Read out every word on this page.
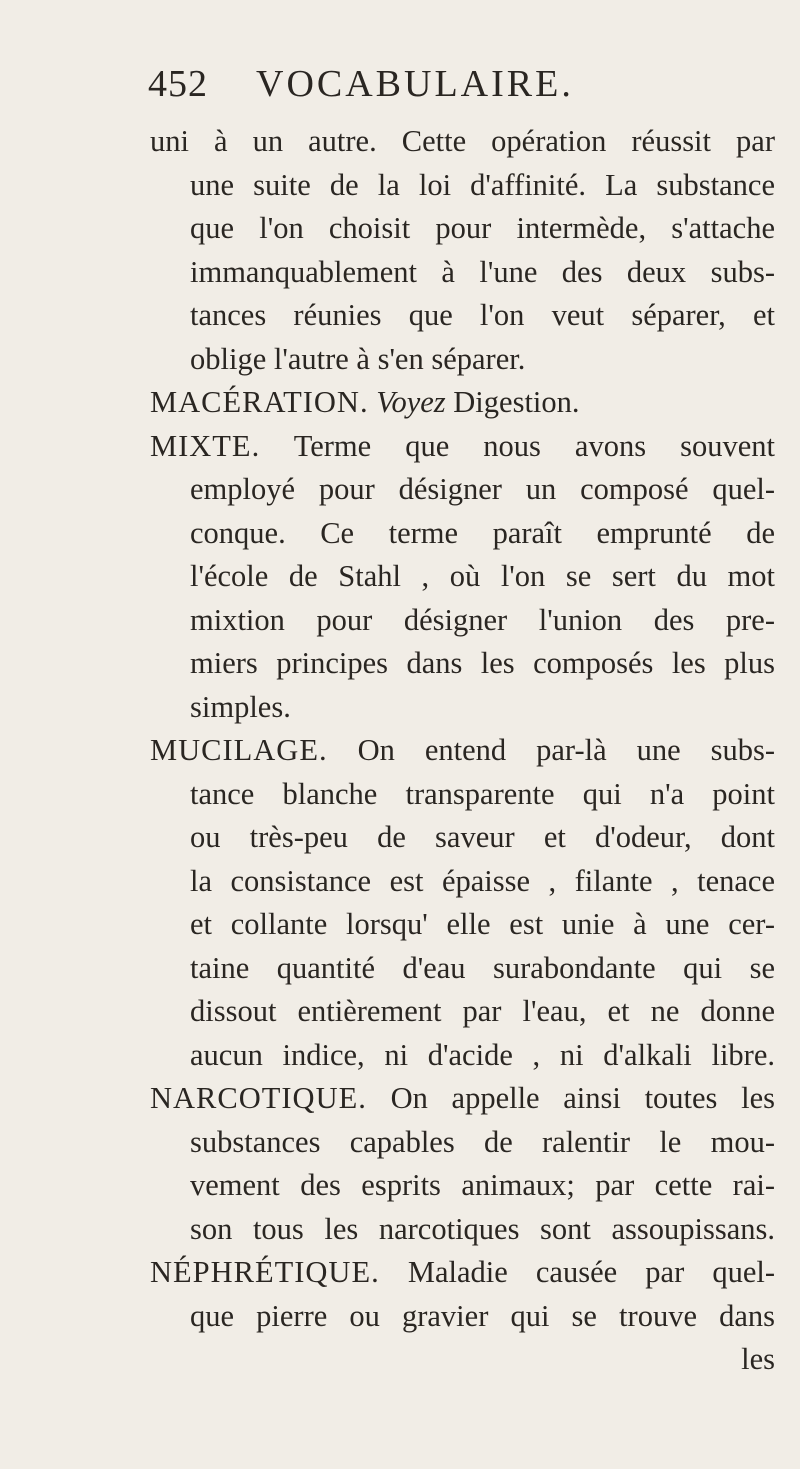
452 VOCABULAIRE.
uni à un autre. Cette opération réussit par
une suite de la loi d'affinité. La substance
que l'on choisit pour intermède, s'attache
immanquablement à l'une des deux subs-
tances réunies que l'on veut séparer, et
oblige l'autre à s'en séparer.
MACÉRATION. Voyez Digestion.
MIXTE. Terme que nous avons souvent
employé pour désigner un composé quel-
conque. Ce terme paraît emprunté de
l'école de Stahl , où l'on se sert du mot
mixtion pour désigner l'union des pre-
miers principes dans les composés les plus
simples.
MUCILAGE. On entend par-là une subs-
tance blanche transparente qui n'a point
ou très-peu de saveur et d'odeur, dont
la consistance est épaisse , filante , tenace
et collante lorsqu' elle est unie à une cer-
taine quantité d'eau surabondante qui se
dissout entièrement par l'eau, et ne donne
aucun indice, ni d'acide , ni d'alkali libre.
NARCOTIQUE. On appelle ainsi toutes les
substances capables de ralentir le mou-
vement des esprits animaux; par cette rai-
son tous les narcotiques sont assoupissans.
NÉPHRÉTIQUE. Maladie causée par quel-
que pierre ou gravier qui se trouve dans
les
